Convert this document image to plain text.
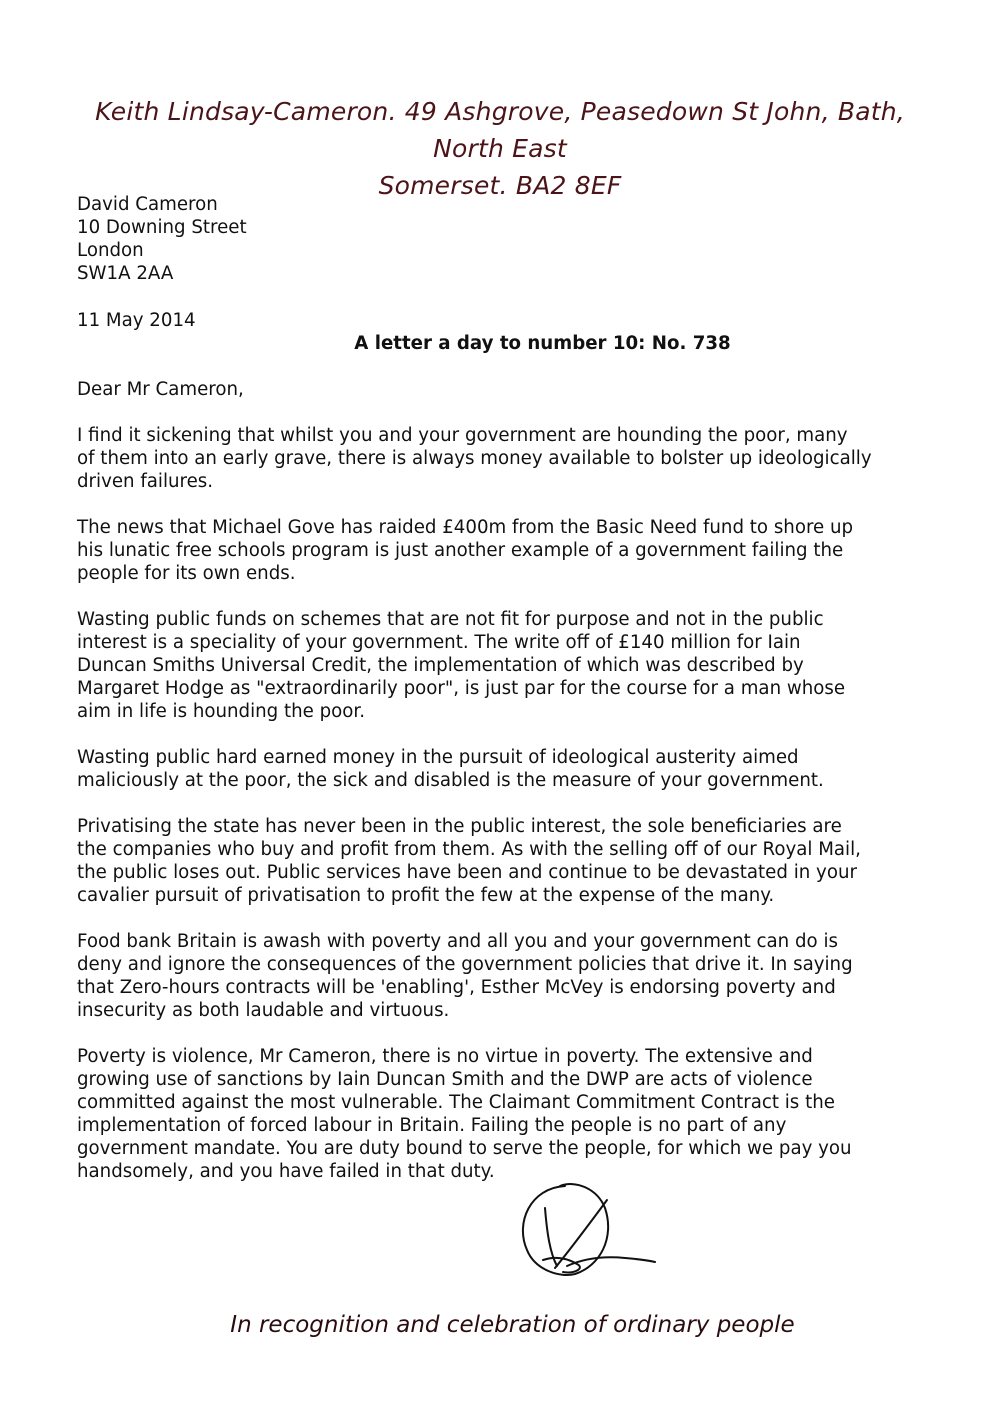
Keith Lindsay-Cameron. 49 Ashgrove, Peasedown St John, Bath, North East
Somerset. BA2 8EF
David Cameron
10 Downing Street
London
SW1A 2AA
11 May 2014
A letter a day to number 10: No. 738
Dear Mr Cameron,

I find it sickening that whilst you and your government are hounding the poor, many
of them into an early grave, there is always money available to bolster up ideologically
driven failures.

The news that Michael Gove has raided £400m from the Basic Need fund to shore up
his lunatic free schools program is just another example of a government failing the
people for its own ends.

Wasting public funds on schemes that are not fit for purpose and not in the public
interest is a speciality of your government. The write off of £140 million for Iain
Duncan Smiths Universal Credit, the implementation of which was described by
Margaret Hodge as "extraordinarily poor", is just par for the course for a man whose
aim in life is hounding the poor.

Wasting public hard earned money in the pursuit of ideological austerity aimed
maliciously at the poor, the sick and disabled is the measure of your government.

Privatising the state has never been in the public interest, the sole beneficiaries are
the companies who buy and profit from them. As with the selling off of our Royal Mail,
the public loses out. Public services have been and continue to be devastated in your
cavalier pursuit of privatisation to profit the few at the expense of the many.

Food bank Britain is awash with poverty and all you and your government can do is
deny and ignore the consequences of the government policies that drive it. In saying
that Zero-hours contracts will be 'enabling', Esther McVey is endorsing poverty and
insecurity as both laudable and virtuous.

Poverty is violence, Mr Cameron, there is no virtue in poverty. The extensive and
growing use of sanctions by Iain Duncan Smith and the DWP are acts of violence
committed against the most vulnerable. The Claimant Commitment Contract is the
implementation of forced labour in Britain. Failing the people is no part of any
government mandate. You are duty bound to serve the people, for which we pay you
handsomely, and you have failed in that duty.

In recognition and celebration of ordinary people
